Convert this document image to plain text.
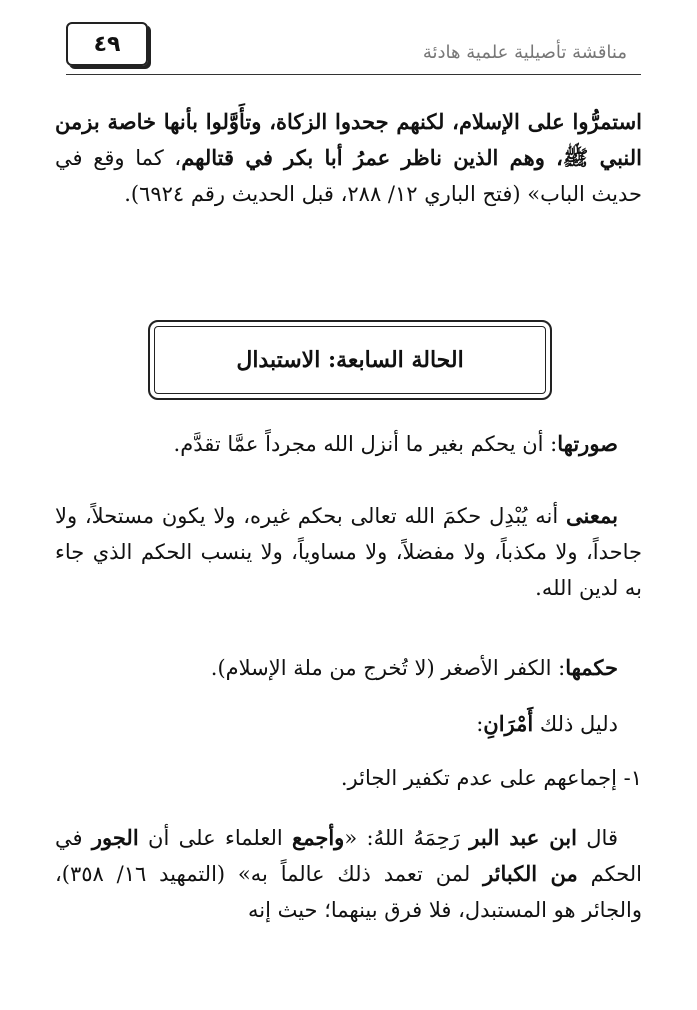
٤٩	مناقشة تأصيلية علمية هادئة
استمرُّوا على الإسلام، لكنهم جحدوا الزكاة، وتأَوَّلوا بأنها خاصة بزمن النبي ﷺ، وهم الذين ناظر عمرُ أبا بكر في قتالهم، كما وقع في حديث الباب» (فتح الباري ١٢/ ٢٨٨، قبل الحديث رقم ٦٩٢٤).
الحالة السابعة: الاستبدال
صورتها: أن يحكم بغير ما أنزل الله مجرداً عمَّا تقدَّم.
بمعنى أنه يُبْدِل حكمَ الله تعالى بحكم غيره، ولا يكون مستحلاً، ولا جاحداً، ولا مكذباً، ولا مفضلاً، ولا مساوياً، ولا ينسب الحكم الذي جاء به لدين الله.
حكمها: الكفر الأصغر (لا تُخرج من ملة الإسلام).
دليل ذلك أَمْرَانِ:
١- إجماعهم على عدم تكفير الجائر.
قال ابن عبد البر رَحِمَهُ اللهُ: «وأجمع العلماء على أن الجور في الحكم من الكبائر لمن تعمد ذلك عالماً به» (التمهيد ١٦/ ٣٥٨)، والجائر هو المستبدل، فلا فرق بينهما؛ حيث إنه
